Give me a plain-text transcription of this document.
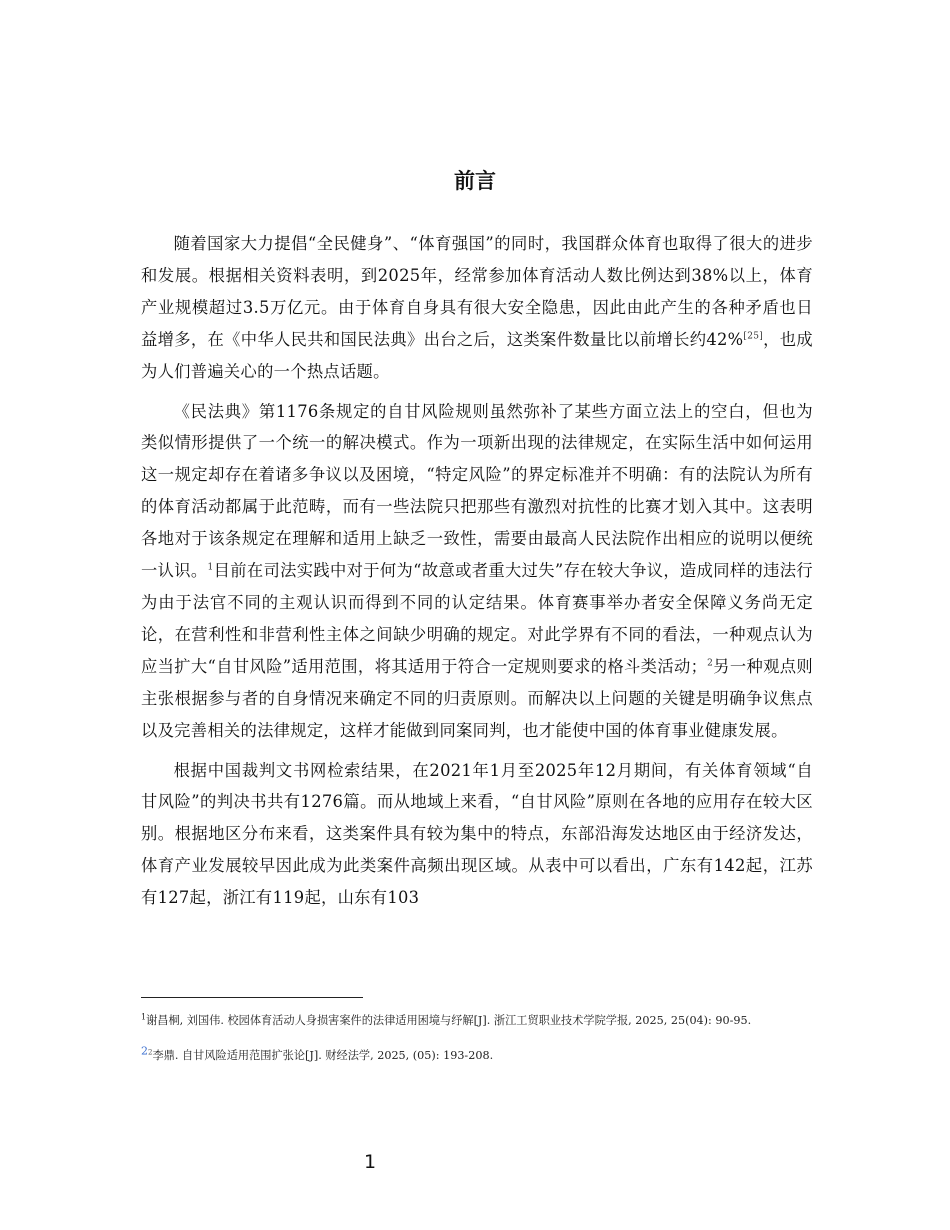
前言

随着国家大力提倡“全民健身”、“体育强国”的同时，我国群众体育也取得了很大的进步和发展。根据相关资料表明，到2025年，经常参加体育活动人数比例达到38%以上，体育产业规模超过3.5万亿元。由于体育自身具有很大安全隐患，因此由此产生的各种矛盾也日益增多，在《中华人民共和国民法典》出台之后，这类案件数量比以前增长约42%[25]，也成为人们普遍关心的一个热点话题。

《民法典》第1176条规定的自甘风险规则虽然弥补了某些方面立法上的空白，但也为类似情形提供了一个统一的解决模式。作为一项新出现的法律规定，在实际生活中如何运用这一规定却存在着诸多争议以及困境，“特定风险”的界定标准并不明确：有的法院认为所有的体育活动都属于此范畴，而有一些法院只把那些有激烈对抗性的比赛才划入其中。这表明各地对于该条规定在理解和适用上缺乏一致性，需要由最高人民法院作出相应的说明以便统一认识。$^1$目前在司法实践中对于何为“故意或者重大过失”存在较大争议，造成同样的违法行为由于法官不同的主观认识而得到不同的认定结果。体育赛事举办者安全保障义务尚无定论，在营利性和非营利性主体之间缺少明确的规定。对此学界有不同的看法，一种观点认为应当扩大“自甘风险”适用范围，将其适用于符合一定规则要求的格斗类活动；$^2$另一种观点则主张根据参与者的自身情况来确定不同的归责原则。而解决以上问题的关键是明确争议焦点以及完善相关的法律规定，这样才能做到同案同判，也才能使中国的体育事业健康发展。

根据中国裁判文书网检索结果，在2021年1月至2025年12月期间，有关体育领域“自甘风险”的判决书共有1276篇。而从地域上来看，“自甘风险”原则在各地的应用存在较大区别。根据地区分布来看，这类案件具有较为集中的特点，东部沿海发达地区由于经济发达，体育产业发展较早因此成为此类案件高频出现区域。从表中可以看出，广东有142起，江苏有127起，浙江有119起，山东有103

$^1$谢昌桐, 刘国伟. 校园体育活动人身损害案件的法律适用困境与纾解[J]. 浙江工贸职业技术学院学报, 2025, 25(04): 90-95.
2$^2$李鼎. 自甘风险适用范围扩张论[J]. 财经法学, 2025, (05): 193-208.
1
